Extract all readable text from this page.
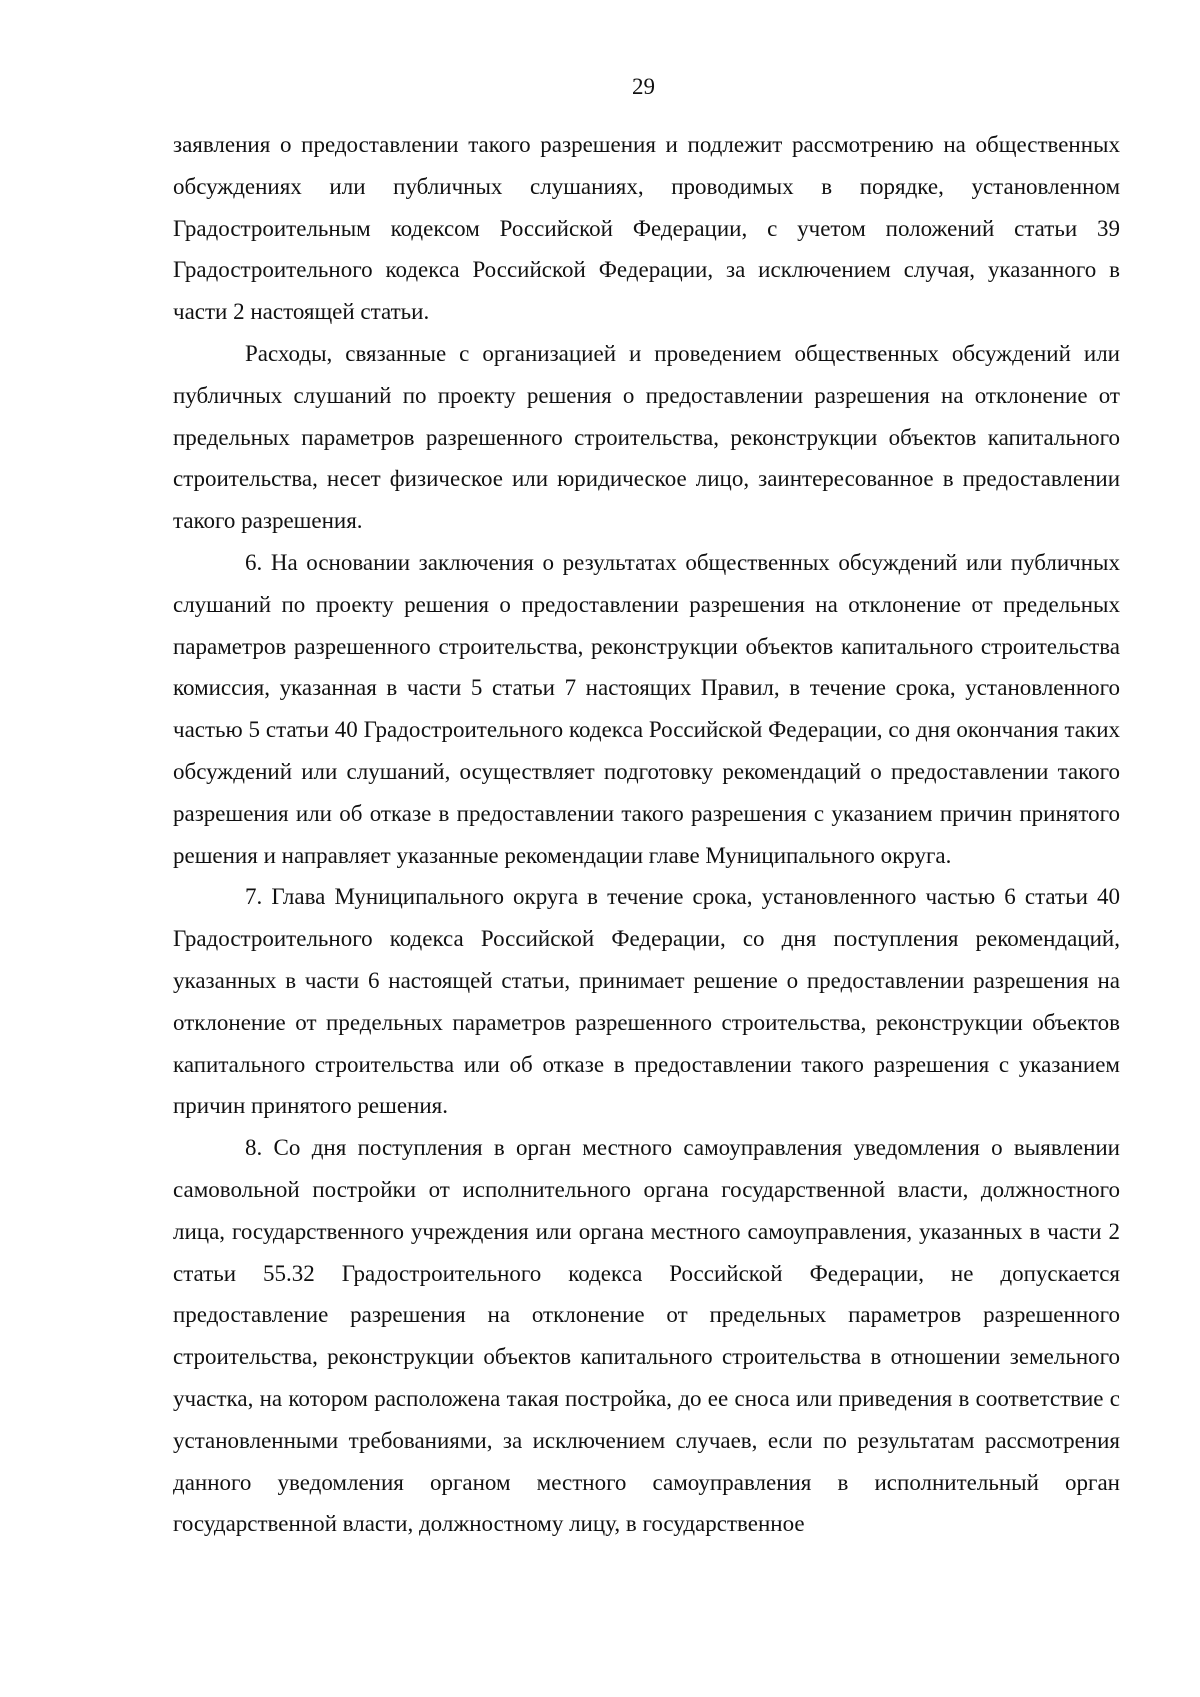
29

заявления о предоставлении такого разрешения и подлежит рассмотрению на общественных обсуждениях или публичных слушаниях, проводимых в порядке, установленном Градостроительным кодексом Российской Федерации, с учетом положений статьи 39 Градостроительного кодекса Российской Федерации, за исключением случая, указанного в части 2 настоящей статьи.

Расходы, связанные с организацией и проведением общественных обсуждений или публичных слушаний по проекту решения о предоставлении разрешения на отклонение от предельных параметров разрешенного строительства, реконструкции объектов капитального строительства, несет физическое или юридическое лицо, заинтересованное в предоставлении такого разрешения.

6. На основании заключения о результатах общественных обсуждений или публичных слушаний по проекту решения о предоставлении разрешения на отклонение от предельных параметров разрешенного строительства, реконструкции объектов капитального строительства комиссия, указанная в части 5 статьи 7 настоящих Правил, в течение срока, установленного частью 5 статьи 40 Градостроительного кодекса Российской Федерации, со дня окончания таких обсуждений или слушаний, осуществляет подготовку рекомендаций о предоставлении такого разрешения или об отказе в предоставлении такого разрешения с указанием причин принятого решения и направляет указанные рекомендации главе Муниципального округа.

7. Глава Муниципального округа в течение срока, установленного частью 6 статьи 40 Градостроительного кодекса Российской Федерации, со дня поступления рекомендаций, указанных в части 6 настоящей статьи, принимает решение о предоставлении разрешения на отклонение от предельных параметров разрешенного строительства, реконструкции объектов капитального строительства или об отказе в предоставлении такого разрешения с указанием причин принятого решения.

8. Со дня поступления в орган местного самоуправления уведомления о выявлении самовольной постройки от исполнительного органа государственной власти, должностного лица, государственного учреждения или органа местного самоуправления, указанных в части 2 статьи 55.32 Градостроительного кодекса Российской Федерации, не допускается предоставление разрешения на отклонение от предельных параметров разрешенного строительства, реконструкции объектов капитального строительства в отношении земельного участка, на котором расположена такая постройка, до ее сноса или приведения в соответствие с установленными требованиями, за исключением случаев, если по результатам рассмотрения данного уведомления органом местного самоуправления в исполнительный орган государственной власти, должностному лицу, в государственное
